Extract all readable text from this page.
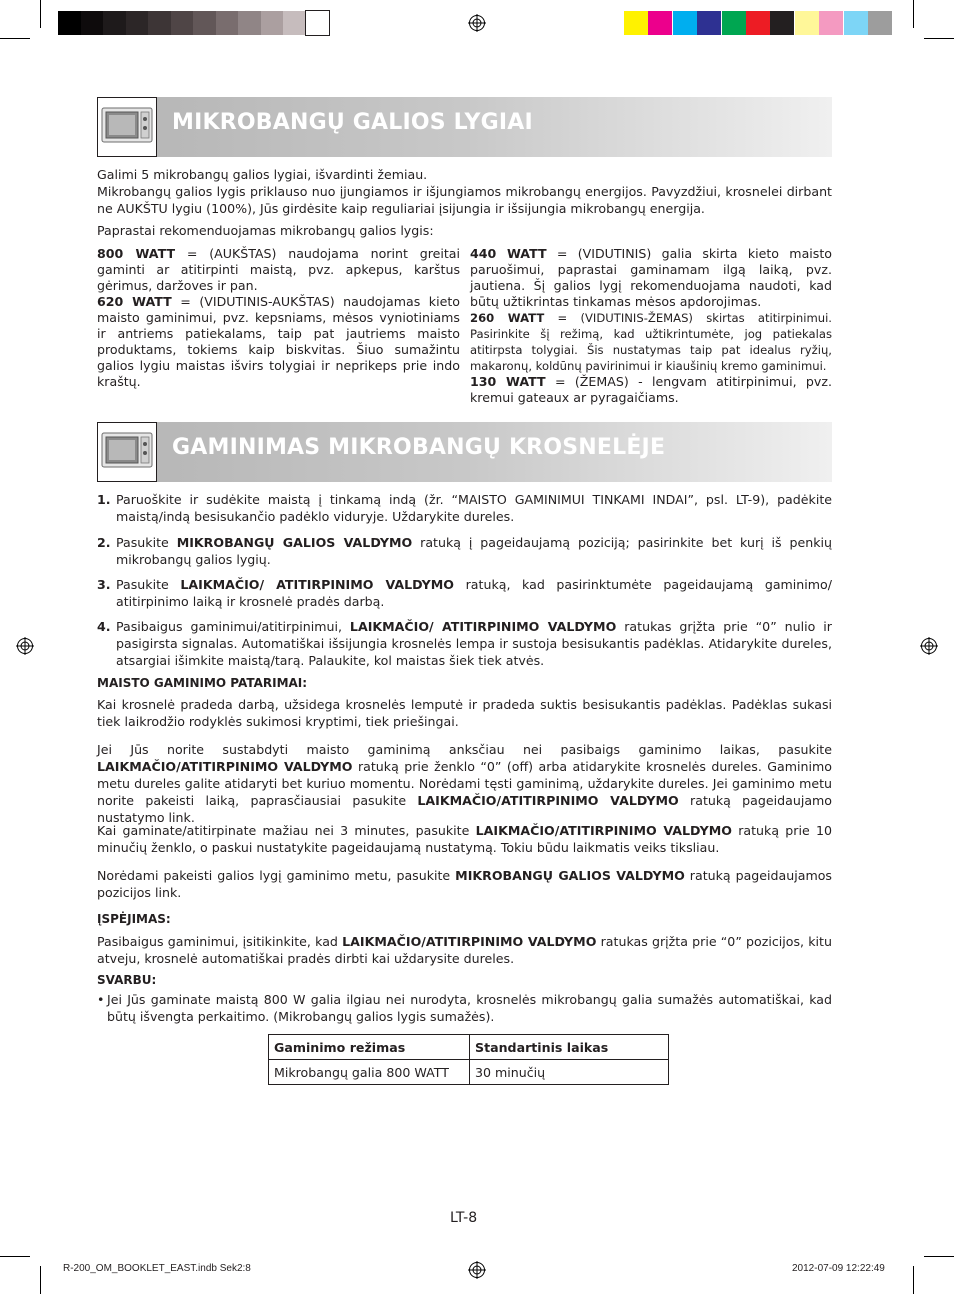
MIKROBANGŲ GALIOS LYGIAI
Galimi 5 mikrobangų galios lygiai, išvardinti žemiau.
Mikrobangų galios lygis priklauso nuo įjungiamos ir išjungiamos mikrobangų energijos. Pavyzdžiui, krosnelei dirbant ne AUKŠTU lygiu (100%), Jūs girdėsite kaip reguliariai įsijungia ir išsijungia mikrobangų energija.
Paprastai rekomenduojamas mikrobangų galios lygis:

800 WATT = (AUKŠTAS) naudojama norint greitai gaminti ar atitirpinti maistą, pvz. apkepus, karštus gėrimus, daržoves ir pan.

620 WATT = (VIDUTINIS-AUKŠTAS) naudojamas kieto maisto gaminimui, pvz. kepsniams, mėsos vyniotiniams ir antriems patiekalams, taip pat jautriems maisto produktams, tokiems kaip biskvitas. Šiuo sumažintu galios lygiu maistas išvirs tolygiai ir neprikeps prie indo kraštų.

440 WATT = (VIDUTINIS) galia skirta kieto maisto paruošimui, paprastai gaminamam ilgą laiką, pvz. jautiena. Šį galios lygį rekomenduojama naudoti, kad būtų užtikrintas tinkamas mėsos apdorojimas.

260 WATT = (VIDUTINIS-ŽEMAS) skirtas atitirpinimui. Pasirinkite šį režimą, kad užtikrintumėte, jog patiekalas atitirpsta tolygiai. Šis nustatymas taip pat idealus ryžių, makaronų, koldūnų pavirinimui ir kiaušinių kremo gaminimui.

130 WATT = (ŽEMAS) - lengvam atitirpinimui, pvz. kremui gateaux ar pyragaičiams.

GAMINIMAS MIKROBANGŲ KROSNELĖJE
1. Paruoškite ir sudėkite maistą į tinkamą indą (žr. “MAISTO GAMINIMUI TINKAMI INDAI”, psl. LT-9), padėkite maistą/indą besisukančio padėklo viduryje. Uždarykite dureles.
2. Pasukite MIKROBANGŲ GALIOS VALDYMO ratuką į pageidaujamą poziciją; pasirinkite bet kurį iš penkių mikrobangų galios lygių.
3. Pasukite LAIKMAČIO/ ATITIRPINIMO VALDYMO ratuką, kad pasirinktumėte pageidaujamą gaminimo/ atitirpinimo laiką ir krosnelė pradės darbą.
4. Pasibaigus gaminimui/atitirpinimui, LAIKMAČIO/ ATITIRPINIMO VALDYMO ratukas grįžta prie “0” nulio ir pasigirsta signalas. Automatiškai išsijungia krosnelės lempa ir sustoja besisukantis padėklas. Atidarykite dureles, atsargiai išimkite maistą/tarą. Palaukite, kol maistas šiek tiek atvės.
MAISTO GAMINIMO PATARIMAI:
Kai krosnelė pradeda darbą, užsidega krosnelės lemputė ir pradeda suktis besisukantis padėklas. Padėklas sukasi tiek laikrodžio rodyklės sukimosi kryptimi, tiek priešingai.
Jei Jūs norite sustabdyti maisto gaminimą anksčiau nei pasibaigs gaminimo laikas, pasukite LAIKMAČIO/ATITIRPINIMO VALDYMO ratuką prie ženklo “0” (off) arba atidarykite krosnelės dureles. Gaminimo metu dureles galite atidaryti bet kuriuo momentu. Norėdami tęsti gaminimą, uždarykite dureles. Jei gaminimo metu norite pakeisti laiką, paprasčiausiai pasukite LAIKMAČIO/ATITIRPINIMO VALDYMO ratuką pageidaujamo nustatymo link.
Kai gaminate/atitirpinate mažiau nei 3 minutes, pasukite LAIKMAČIO/ATITIRPINIMO VALDYMO ratuką prie 10 minučių ženklo, o paskui nustatykite pageidaujamą nustatymą. Tokiu būdu laikmatis veiks tiksliau.
Norėdami pakeisti galios lygį gaminimo metu, pasukite MIKROBANGŲ GALIOS VALDYMO ratuką pageidaujamos pozicijos link.
ĮSPĖJIMAS:
Pasibaigus gaminimui, įsitikinkite, kad LAIKMAČIO/ATITIRPINIMO VALDYMO ratukas grįžta prie “0” pozicijos, kitu atveju, krosnelė automatiškai pradės dirbti kai uždarysite dureles.
SVARBU:
• Jei Jūs gaminate maistą 800 W galia ilgiau nei nurodyta, krosnelės mikrobangų galia sumažės automatiškai, kad būtų išvengta perkaitimo. (Mikrobangų galios lygis sumažės).
Gaminimo režimas	Standartinis laikas
Mikrobangų galia 800 WATT	30 minučių
LT-8
R-200_OM_BOOKLET_EAST.indb Sek2:8	2012-07-09 12:22:49
